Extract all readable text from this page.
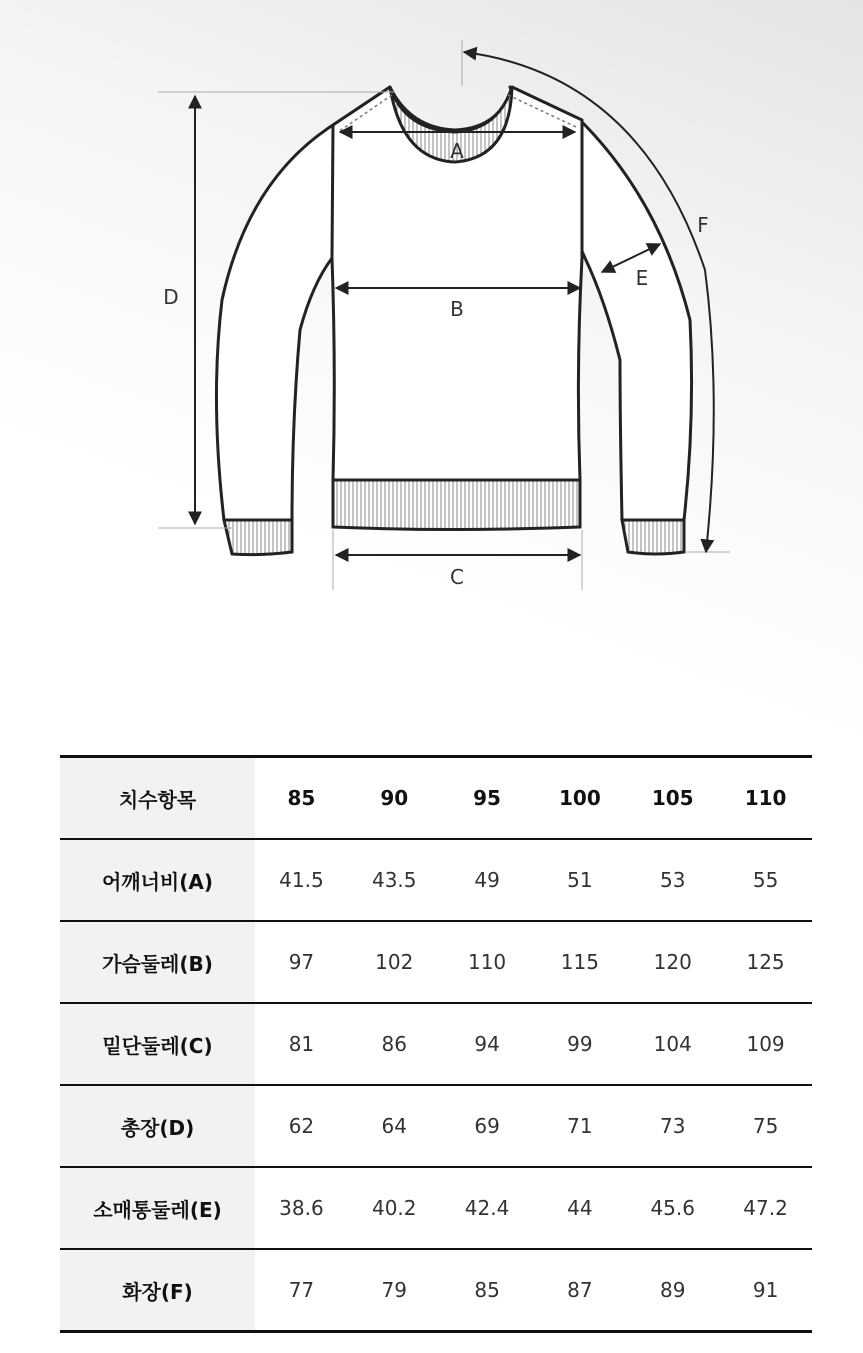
A
B
C
D
E
F
치수항목	85	90	95	100	105	110
어깨너비(A)	41.5	43.5	49	51	53	55
가슴둘레(B)	97	102	110	115	120	125
밑단둘레(C)	81	86	94	99	104	109
총장(D)	62	64	69	71	73	75
소매통둘레(E)	38.6	40.2	42.4	44	45.6	47.2
화장(F)	77	79	85	87	89	91
